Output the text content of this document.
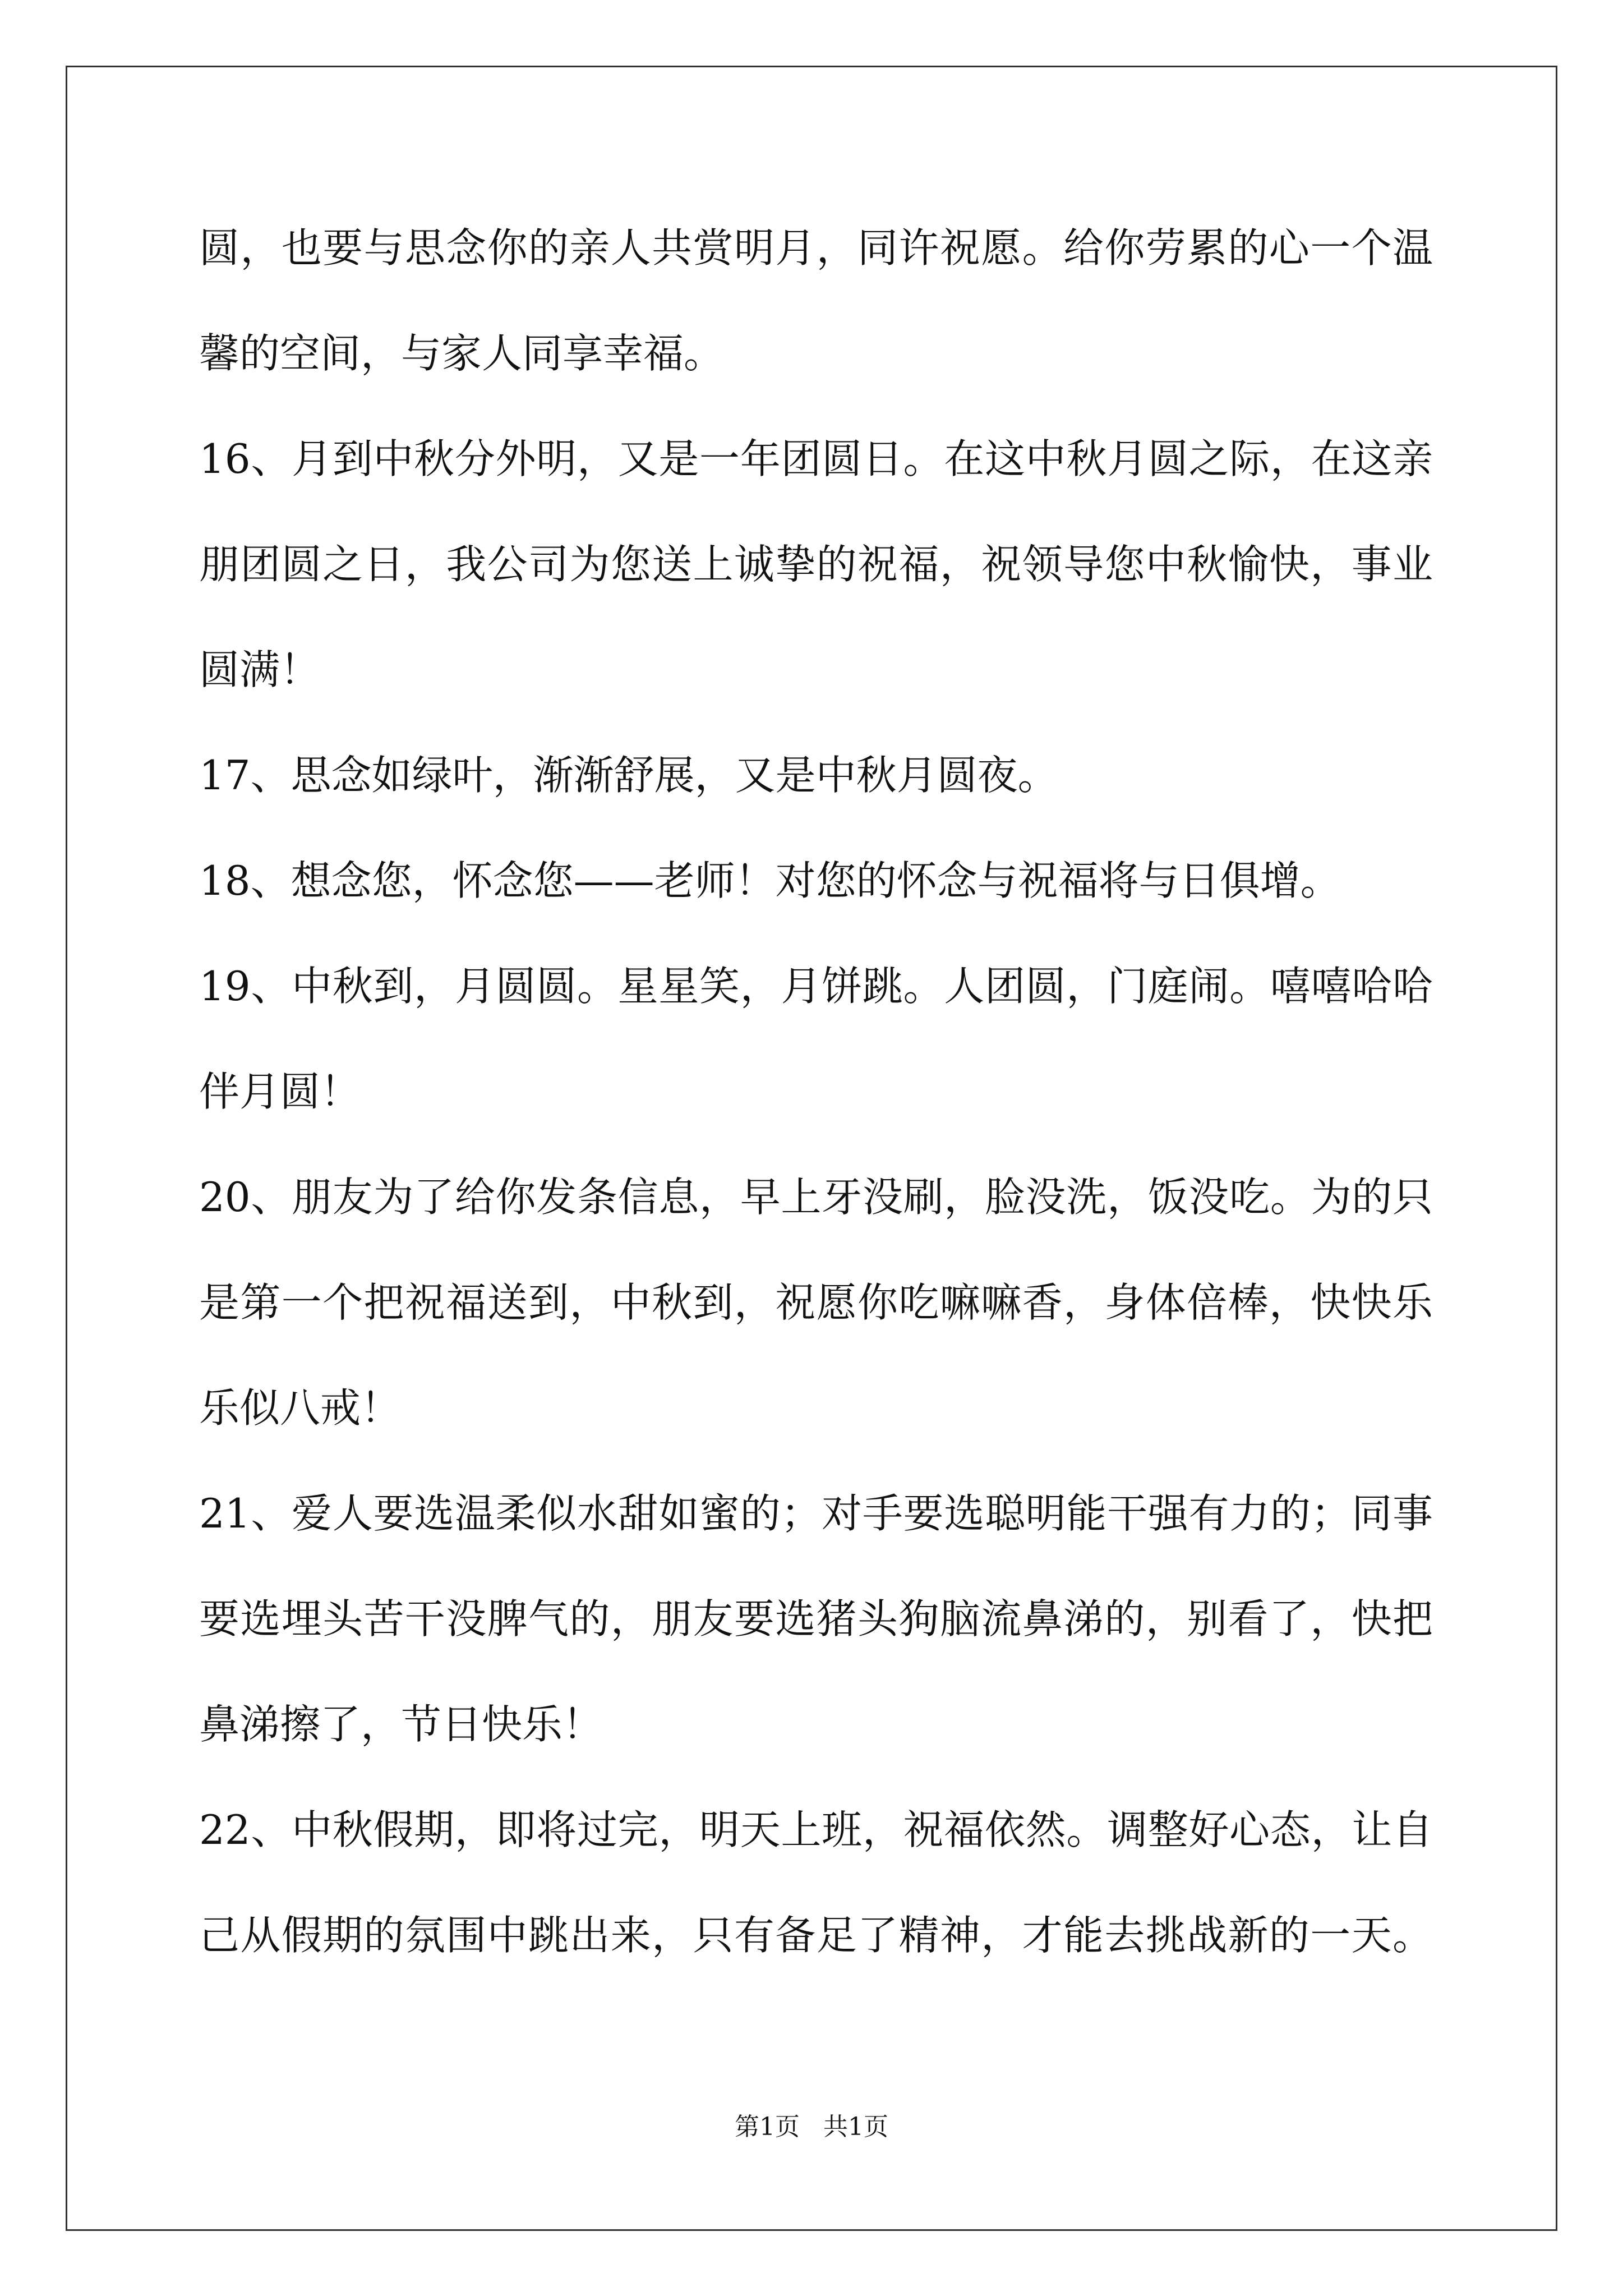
圆，也要与思念你的亲人共赏明月，同许祝愿。给你劳累的心一个温
馨的空间，与家人同享幸福。
16、月到中秋分外明，又是一年团圆日。在这中秋月圆之际，在这亲
朋团圆之日，我公司为您送上诚挚的祝福，祝领导您中秋愉快，事业
圆满！
17、思念如绿叶，渐渐舒展，又是中秋月圆夜。
18、想念您，怀念您——老师！对您的怀念与祝福将与日俱增。
19、中秋到，月圆圆。星星笑，月饼跳。人团圆，门庭闹。嘻嘻哈哈
伴月圆！
20、朋友为了给你发条信息，早上牙没刷，脸没洗，饭没吃。为的只
是第一个把祝福送到，中秋到，祝愿你吃嘛嘛香，身体倍棒，快快乐
乐似八戒！
21、爱人要选温柔似水甜如蜜的；对手要选聪明能干强有力的；同事
要选埋头苦干没脾气的，朋友要选猪头狗脑流鼻涕的，别看了，快把
鼻涕擦了，节日快乐！
22、中秋假期，即将过完，明天上班，祝福依然。调整好心态，让自
己从假期的氛围中跳出来，只有备足了精神，才能去挑战新的一天。
第1页   共1页
